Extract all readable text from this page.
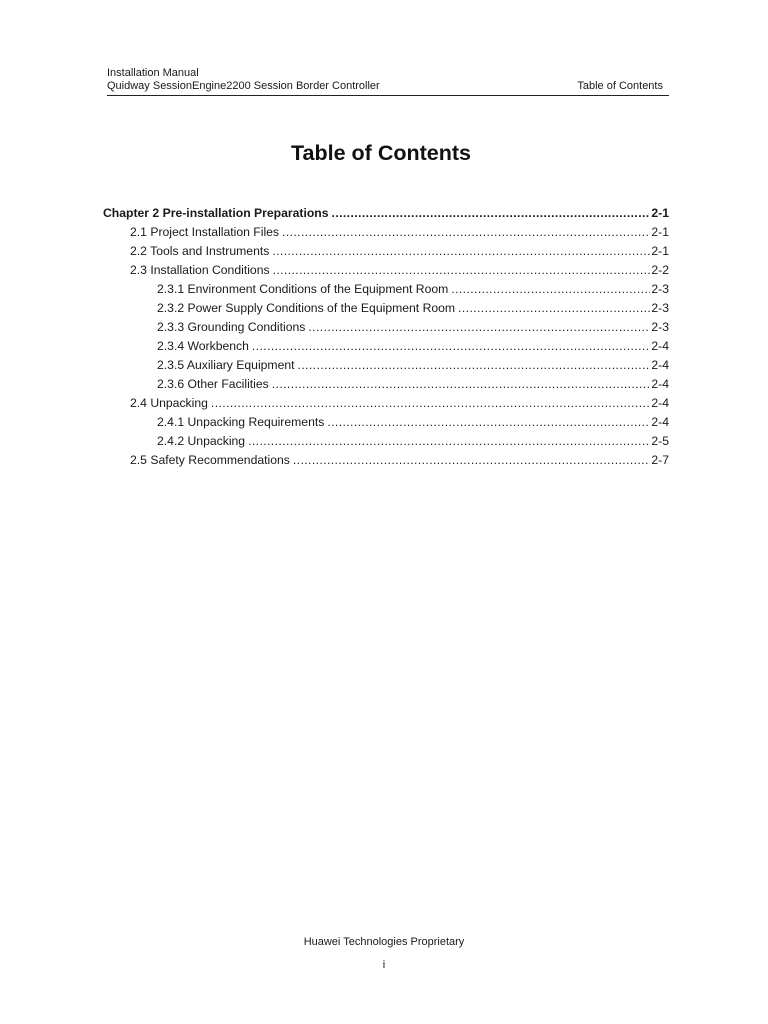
Installation Manual
Quidway SessionEngine2200 Session Border Controller	Table of Contents
Table of Contents
Chapter 2 Pre-installation Preparations .....	2-1
2.1 Project Installation Files .....	2-1
2.2 Tools and Instruments .....	2-1
2.3 Installation Conditions .....	2-2
2.3.1 Environment Conditions of the Equipment Room .....	2-3
2.3.2 Power Supply Conditions of the Equipment Room .....	2-3
2.3.3 Grounding Conditions .....	2-3
2.3.4 Workbench .....	2-4
2.3.5 Auxiliary Equipment .....	2-4
2.3.6 Other Facilities .....	2-4
2.4 Unpacking .....	2-4
2.4.1 Unpacking Requirements .....	2-4
2.4.2 Unpacking .....	2-5
2.5 Safety Recommendations .....	2-7
Huawei Technologies Proprietary
i
